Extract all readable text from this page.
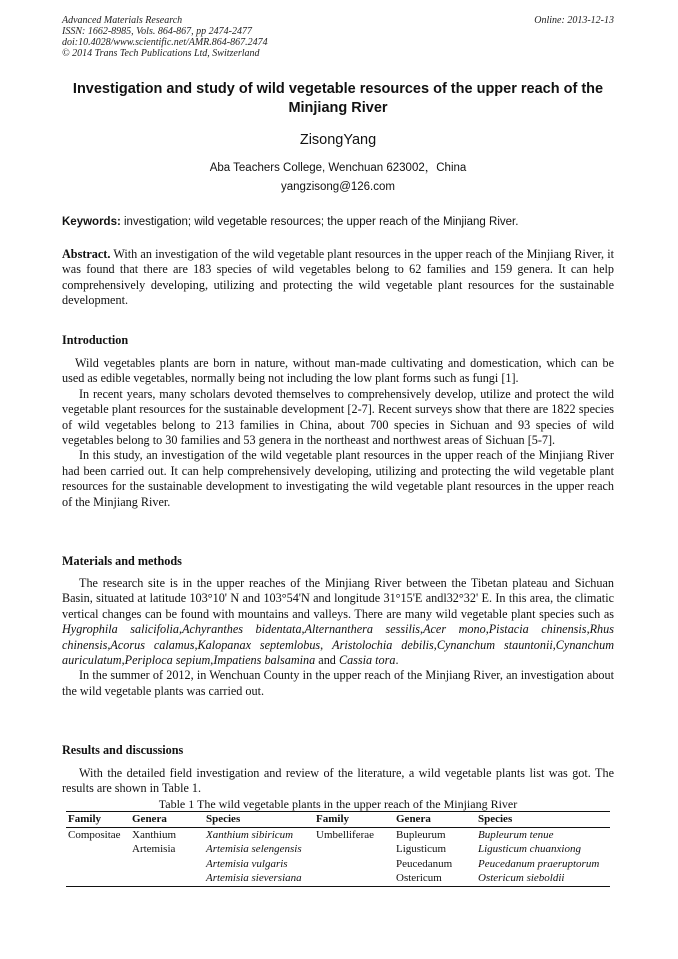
Advanced Materials Research
ISSN: 1662-8985, Vols. 864-867, pp 2474-2477
doi:10.4028/www.scientific.net/AMR.864-867.2474
© 2014 Trans Tech Publications Ltd, Switzerland
Online: 2013-12-13
Investigation and study of wild vegetable resources of the upper reach of the Minjiang River
ZisongYang
Aba Teachers College, Wenchuan 623002，China
yangzisong@126.com
Keywords: investigation; wild vegetable resources; the upper reach of the Minjiang River.
Abstract. With an investigation of the wild vegetable plant resources in the upper reach of the Minjiang River, it was found that there are 183 species of wild vegetables belong to 62 families and 159 genera. It can help comprehensively developing, utilizing and protecting the wild vegetable plant resources for the sustainable development.
Introduction

Wild vegetables plants are born in nature, without man-made cultivating and domestication, which can be used as edible vegetables, normally being not including the low plant forms such as fungi [1].

In recent years, many scholars devoted themselves to comprehensively develop, utilize and protect the wild vegetable plant resources for the sustainable development [2-7]. Recent surveys show that there are 1822 species of wild vegetables belong to 213 families in China, about 700 species in Sichuan and 93 species of wild vegetables belong to 30 families and 53 genera in the northeast and northwest areas of Sichuan [5-7].

In this study, an investigation of the wild vegetable plant resources in the upper reach of the Minjiang River had been carried out. It can help comprehensively developing, utilizing and protecting the wild vegetable plant resources for the sustainable development to investigating the wild vegetable plant resources in the upper reach of the Minjiang River.

Materials and methods

The research site is in the upper reaches of the Minjiang River between the Tibetan plateau and Sichuan Basin, situated at latitude 103°10' N and 103°54'N and longitude 31°15'E andl32°32' E. In this area, the climatic vertical changes can be found with mountains and valleys. There are many wild vegetable plant species such as Hygrophila salicifolia,Achyranthes bidentata,Alternanthera sessilis,Acer mono,Pistacia chinensis,Rhus chinensis,Acorus calamus,Kalopanax septemlobus, Aristolochia debilis,Cynanchum stauntonii,Cynanchum auriculatum,Periploca sepium,Impatiens balsamina and Cassia tora.

In the summer of 2012, in Wenchuan County in the upper reach of the Minjiang River, an investigation about the wild vegetable plants was carried out.

Results and discussions

With the detailed field investigation and review of the literature, a wild vegetable plants list was got. The results are shown in Table 1.

Table 1 The wild vegetable plants in the upper reach of the Minjiang River
Family	Genera	Species	Family	Genera	Species
Compositae	Xanthium	Xanthium sibiricum	Umbelliferae	Bupleurum	Bupleurum tenue
	Artemisia	Artemisia selengensis		Ligusticum	Ligusticum chuanxiong
		Artemisia vulgaris		Peucedanum	Peucedanum praeruptorum
		Artemisia sieversiana		Ostericum	Ostericum sieboldii
